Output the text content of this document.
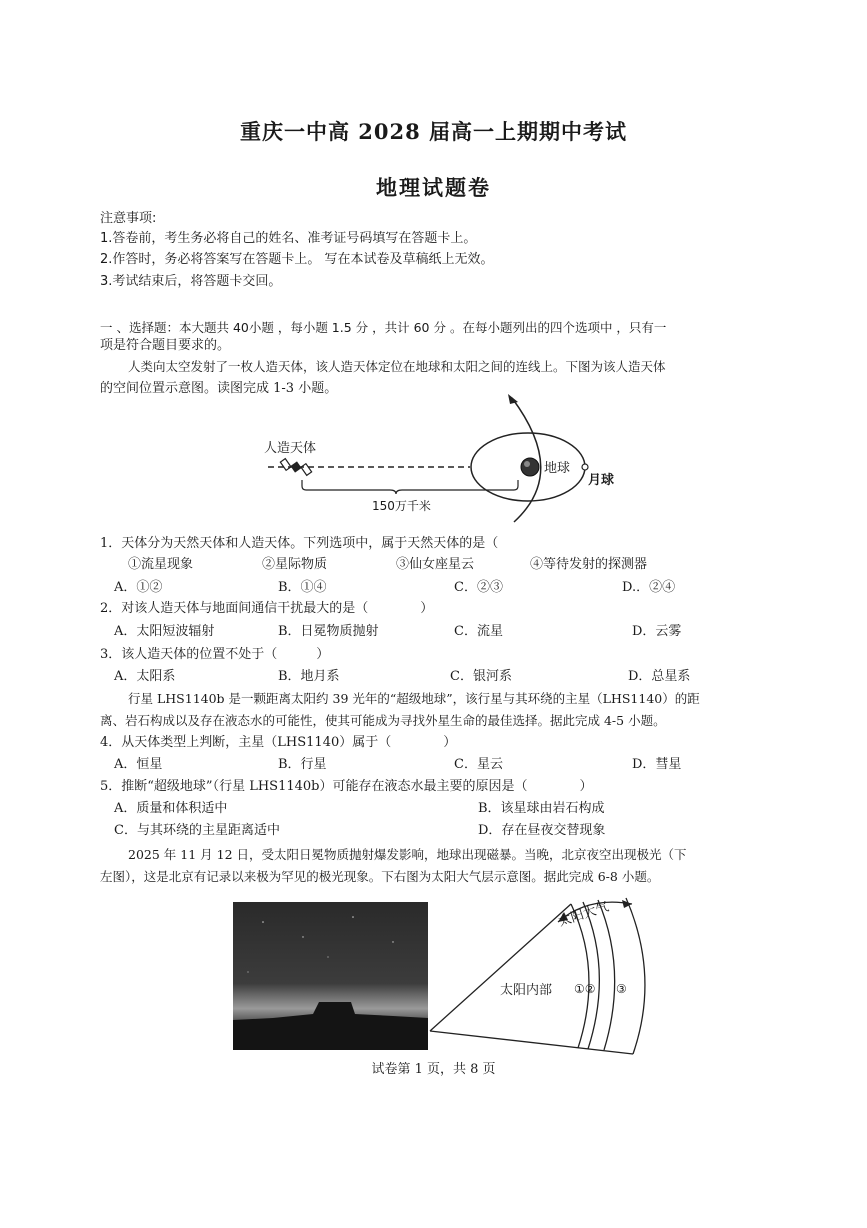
重庆一中高 2028 届高一上期期中考试
地理试题卷
注意事项:
1.答卷前，考生务必将自己的姓名、准考证号码填写在答题卡上。
2.作答时，务必将答案写在答题卡上。 写在本试卷及草稿纸上无效。
3.考试结束后，将答题卡交回。
一 、选择题：本大题共 40小题 ，每小题 1.5 分 ，共计 60 分 。在每小题列出的四个选项中 ，只有一
项是符合题目要求的。
人类向太空发射了一枚人造天体，该人造天体定位在地球和太阳之间的连线上。下图为该人造天体
的空间位置示意图。读图完成 1-3 小题。
人造天体
150万千米
地球
月球
1．天体分为天然天体和人造天体。下列选项中，属于天然天体的是（
①流星现象	②星际物质	③仙女座星云	④等待发射的探测器
A．①②	B．①④	C．②③	D.．②④
2．对该人造天体与地面间通信干扰最大的是（　　　　）
A．太阳短波辐射	B．日冕物质抛射	C．流星	D．云雾
3．该人造天体的位置不处于（　　　）
A．太阳系	B．地月系	C．银河系	D．总星系
行星 LHS1140b 是一颗距离太阳约 39 光年的“超级地球”，该行星与其环绕的主星（LHS1140）的距
离、岩石构成以及存在液态水的可能性，使其可能成为寻找外星生命的最佳选择。据此完成 4-5 小题。
4．从天体类型上判断，主星（LHS1140）属于（　　　　）
A．恒星	B．行星	C．星云	D．彗星
5．推断“超级地球”（行星 LHS1140b）可能存在液态水最主要的原因是（　　　　）
A．质量和体积适中	B．该星球由岩石构成
C．与其环绕的主星距离适中	D．存在昼夜交替现象
2025 年 11 月 12 日，受太阳日冕物质抛射爆发影响，地球出现磁暴。当晚，北京夜空出现极光（下
左图），这是北京有记录以来极为罕见的极光现象。下右图为太阳大气层示意图。据此完成 6-8 小题。
太阳大气
太阳内部 ①② ③
试卷第 1 页，共 8 页
